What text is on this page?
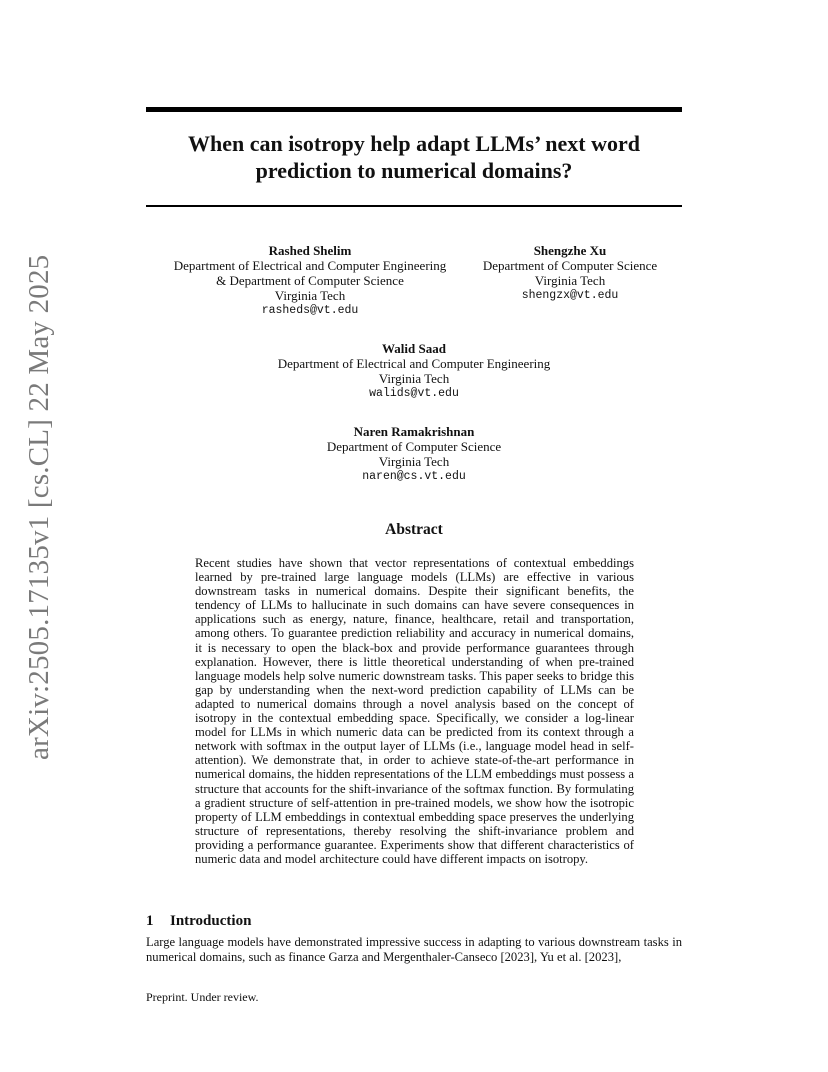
arXiv:2505.17135v1 [cs.CL] 22 May 2025
When can isotropy help adapt LLMs’ next word prediction to numerical domains?
Rashed Shelim
Department of Electrical and Computer Engineering
& Department of Computer Science
Virginia Tech
rasheds@vt.edu
Shengzhe Xu
Department of Computer Science
Virginia Tech
shengzx@vt.edu
Walid Saad
Department of Electrical and Computer Engineering
Virginia Tech
walids@vt.edu
Naren Ramakrishnan
Department of Computer Science
Virginia Tech
naren@cs.vt.edu
Abstract
Recent studies have shown that vector representations of contextual embeddings learned by pre-trained large language models (LLMs) are effective in various downstream tasks in numerical domains. Despite their significant benefits, the tendency of LLMs to hallucinate in such domains can have severe consequences in applications such as energy, nature, finance, healthcare, retail and transportation, among others. To guarantee prediction reliability and accuracy in numerical domains, it is necessary to open the black-box and provide performance guarantees through explanation. However, there is little theoretical understanding of when pre-trained language models help solve numeric downstream tasks. This paper seeks to bridge this gap by understanding when the next-word prediction capability of LLMs can be adapted to numerical domains through a novel analysis based on the concept of isotropy in the contextual embedding space. Specifically, we consider a log-linear model for LLMs in which numeric data can be predicted from its context through a network with softmax in the output layer of LLMs (i.e., language model head in self-attention). We demonstrate that, in order to achieve state-of-the-art performance in numerical domains, the hidden representations of the LLM embeddings must possess a structure that accounts for the shift-invariance of the softmax function. By formulating a gradient structure of self-attention in pre-trained models, we show how the isotropic property of LLM embeddings in contextual embedding space preserves the underlying structure of representations, thereby resolving the shift-invariance problem and providing a performance guarantee. Experiments show that different characteristics of numeric data and model architecture could have different impacts on isotropy.
1 Introduction
Large language models have demonstrated impressive success in adapting to various downstream tasks in numerical domains, such as finance Garza and Mergenthaler-Canseco [2023], Yu et al. [2023],
Preprint. Under review.
